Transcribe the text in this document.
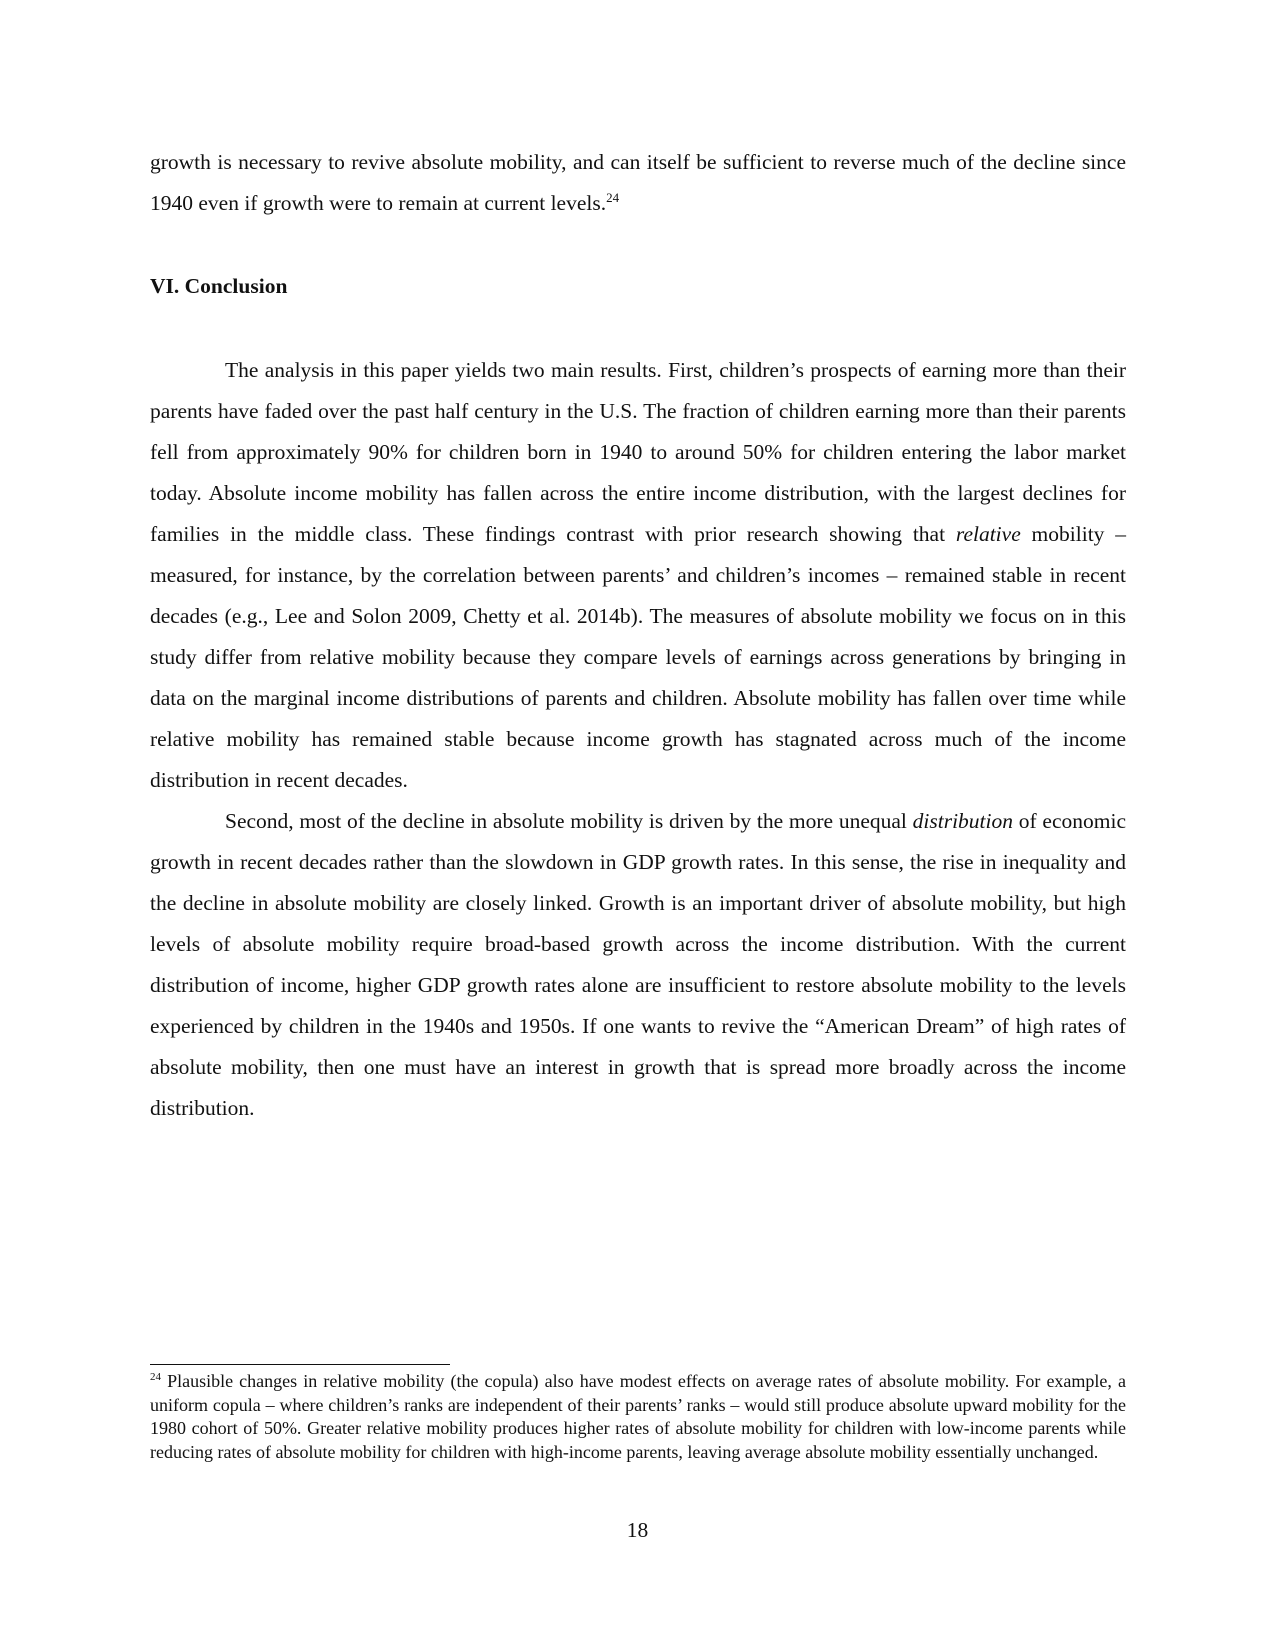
growth is necessary to revive absolute mobility, and can itself be sufficient to reverse much of the decline since 1940 even if growth were to remain at current levels.$^{24}$

VI. Conclusion

The analysis in this paper yields two main results. First, children’s prospects of earning more than their parents have faded over the past half century in the U.S. The fraction of children earning more than their parents fell from approximately 90% for children born in 1940 to around 50% for children entering the labor market today. Absolute income mobility has fallen across the entire income distribution, with the largest declines for families in the middle class. These findings contrast with prior research showing that relative mobility – measured, for instance, by the correlation between parents’ and children’s incomes – remained stable in recent decades (e.g., Lee and Solon 2009, Chetty et al. 2014b). The measures of absolute mobility we focus on in this study differ from relative mobility because they compare levels of earnings across generations by bringing in data on the marginal income distributions of parents and children. Absolute mobility has fallen over time while relative mobility has remained stable because income growth has stagnated across much of the income distribution in recent decades.

Second, most of the decline in absolute mobility is driven by the more unequal distribution of economic growth in recent decades rather than the slowdown in GDP growth rates. In this sense, the rise in inequality and the decline in absolute mobility are closely linked. Growth is an important driver of absolute mobility, but high levels of absolute mobility require broad-based growth across the income distribution. With the current distribution of income, higher GDP growth rates alone are insufficient to restore absolute mobility to the levels experienced by children in the 1940s and 1950s. If one wants to revive the “American Dream” of high rates of absolute mobility, then one must have an interest in growth that is spread more broadly across the income distribution.

$^{24}$ Plausible changes in relative mobility (the copula) also have modest effects on average rates of absolute mobility. For example, a uniform copula – where children’s ranks are independent of their parents’ ranks – would still produce absolute upward mobility for the 1980 cohort of 50%. Greater relative mobility produces higher rates of absolute mobility for children with low-income parents while reducing rates of absolute mobility for children with high-income parents, leaving average absolute mobility essentially unchanged.

18
